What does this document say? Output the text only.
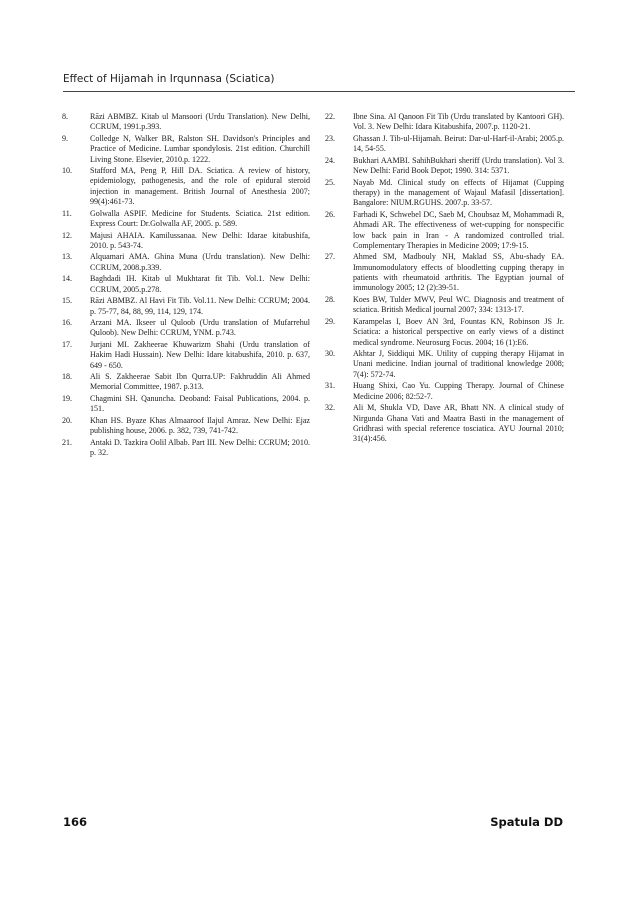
Effect of Hijamah in Irqunnasa (Sciatica)
8.	Rāzi ABMBZ. Kitab ul Mansoori (Urdu Translation). New Delhi, CCRUM, 1991.p.393.
9.	Colledge N, Walker BR, Ralston SH. Davidson's Principles and Practice of Medicine. Lumbar spondylosis. 21st edition. Churchill Living Stone. Elsevier, 2010.p. 1222.
10.	Stafford MA, Peng P, Hill DA. Sciatica. A review of history, epidemiology, pathogenesis, and the role of epidural steroid injection in management. British Journal of Anesthesia 2007; 99(4):461-73.
11.	Golwalla ASPIF. Medicine for Students. Sciatica. 21st edition. Express Court: Dr.Golwalla AF, 2005. p. 589.
12.	Majusi AHAIA. Kamilussanaa. New Delhi: Idarae kitabushifa, 2010. p. 543-74.
13.	Alquamari AMA. Ghina Muna (Urdu translation). New Delhi: CCRUM, 2008.p.339.
14.	Baghdadi IH. Kitab ul Mukhtarat fit Tib. Vol.1. New Delhi: CCRUM, 2005.p.278.
15.	Rāzi ABMBZ. Al Havi Fit Tib. Vol.11. New Delhi: CCRUM; 2004. p. 75-77, 84, 88, 99, 114, 129, 174.
16.	Arzani MA. Ikseer ul Quloob (Urdu translation of Mufarrehul Quloob). New Delhi: CCRUM, YNM. p.743.
17.	Jurjani MI. Zakheerae Khuwarizm Shahi (Urdu translation of Hakim Hadi Hussain). New Delhi: Idare kitabushifa, 2010. p. 637, 649 - 650.
18.	Ali S. Zakheerae Sabit Ibn Qurra.UP: Fakhruddin Ali Ahmed Memorial Committee, 1987. p.313.
19.	Chagmini SH. Qanuncha. Deoband: Faisal Publications, 2004. p. 151.
20.	Khan HS. Byaze Khas Almaaroof Ilajul Amraz. New Delhi: Ejaz publishing house, 2006. p. 382, 739, 741-742.
21.	Antaki D. Tazkira Oolil Albab. Part III. New Delhi: CCRUM; 2010. p. 32.
22.	Ibne Sina. Al Qanoon Fit Tib (Urdu translated by Kantoori GH). Vol. 3. New Delhi: Idara Kitabushifa, 2007.p. 1120-21.
23.	Ghassan J. Tib-ul-Hijamah. Beirut: Dar-ul-Harf-il-Arabi; 2005.p. 14, 54-55.
24.	Bukhari AAMBI. SahihBukhari sheriff (Urdu translation). Vol 3. New Delhi: Farid Book Depot; 1990. 314: 5371.
25.	Nayab Md. Clinical study on effects of Hijamat (Cupping therapy) in the management of Wajaul Mafasil [dissertation]. Bangalore: NIUM.RGUHS. 2007.p. 33-57.
26.	Farhadi K, Schwebel DC, Saeb M, Choubsaz M, Mohammadi R, Ahmadi AR. The effectiveness of wet-cupping for nonspecific low back pain in Iran - A randomized controlled trial. Complementary Therapies in Medicine 2009; 17:9-15.
27.	Ahmed SM, Madbouly NH, Maklad SS, Abu-shady EA. Immunomodulatory effects of bloodletting cupping therapy in patients with rheumatoid arthritis. The Egyptian journal of immunology 2005; 12 (2):39-51.
28.	Koes BW, Tulder MWV, Peul WC. Diagnosis and treatment of sciatica. British Medical journal 2007; 334: 1313-17.
29.	Karampelas I, Boev AN 3rd, Fountas KN, Robinson JS Jr. Sciatica: a historical perspective on early views of a distinct medical syndrome. Neurosurg Focus. 2004; 16 (1):E6.
30.	Akhtar J, Siddiqui MK. Utility of cupping therapy Hijamat in Unani medicine. Indian journal of traditional knowledge 2008; 7(4): 572-74.
31.	Huang Shixi, Cao Yu. Cupping Therapy. Journal of Chinese Medicine 2006; 82:52-7.
32.	Ali M, Shukla VD, Dave AR, Bhatt NN. A clinical study of Nirgunda Ghana Vati and Maatra Basti in the management of Gridhrasi with special reference tosciatica. AYU Journal 2010; 31(4):456.
166	Spatula DD
